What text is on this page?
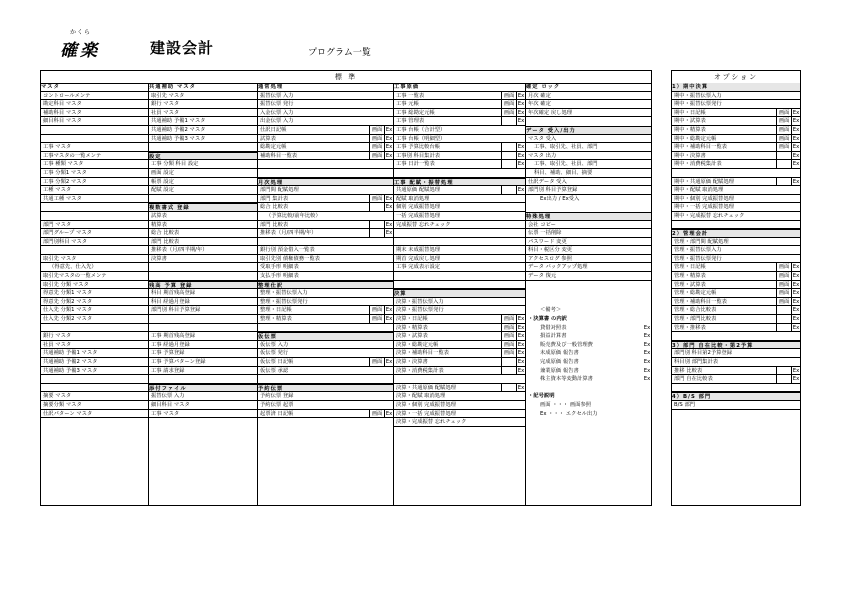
かくら
確楽	建設会計	プログラム一覧
標 準
マスタ
コントロールメンテ
勘定科目 マスタ
補助科目 マスタ
細目科目 マスタ
工事 マスタ
工事マスタの一覧メンテ
工事 種類 マスタ
工事 分類1 マスタ
工事 分類2 マスタ
工種 マスタ
共通工種 マスタ
部門 マスタ
部門グループ マスタ
部門別科目 マスタ
取引先 マスタ
（得意先、仕入先）
取引先マスタの一覧メンテ
取引先 分類 マスタ
得意先 分類1 マスタ
得意先 分類2 マスタ
仕入先 分類1 マスタ
仕入先 分類2 マスタ
銀行 マスタ
社員 マスタ
共通補助 予備1 マスタ
共通補助 予備2 マスタ
共通補助 予備3 マスタ
摘要 マスタ
摘要分類 マスタ
仕訳パターン マスタ
共通補助 マスタ
取引先 マスタ
銀行 マスタ
社員 マスタ
共通補助 予備1 マスタ
共通補助 予備2 マスタ
共通補助 予備3 マスタ
設定
工事 分類 科目 設定
画面 設定
帳票 設定
配賦 設定
複数書式 登録
試算表
精算表
総合 比較表
部門 比較表
推移表（月/四半期/年）
決算書
残高 予算 登録
科目 期首残高登録
科目 経過月登録
部門別 科目予算登録
工事 期首残高登録
工事 経過月登録
工事 予算登録
工事 予算パターン登録
工事 請求登録
添付ファイル
振替伝票 入力
細目科目 マスタ
工事 マスタ
通常処理
振替伝票 入力
振替伝票 発行
入金伝票 入力
出金伝票 入力
仕訳日記帳	画面 Ex
試算表	画面 Ex
総勘定元帳	画面 Ex
補助科目一覧表	画面 Ex
月次処理
部門間 配賦処理
部門 集計表	画面 Ex
総合 比較表	Ex
（予算比較/前年比較）
部門 比較表	Ex
推移表（月/四半期/年）	Ex
銀行別 預金借入一覧表
取引先別 債権債務一覧表
受取手形 明細表
支払手形 明細表
整理仕訳
整理・振替伝票入力
整理・振替伝票発行
整理・日記帳	画面 Ex
整理・精算表	画面 Ex
仮伝票
仮伝票 入力
仮伝票 発行
仮伝票 日記帳	画面 Ex
仮伝票 承認
予約伝票
予約伝票 登録
予約伝票 起票
起票済 日記帳	画面 Ex
工事原価
工事 一覧表	画面 Ex
工事 元帳	画面 Ex
工事 総勘定元帳	画面 Ex
工事 管理表	Ex
工事 台帳（合計型）
工事 台帳（明細型）
工事 予算比較台帳	Ex
工事別 科目集計表	Ex
工事 日計一覧表	Ex
工事 配賦・振替処理
共通原価 配賦処理	Ex
配賦 取消処理
個別 完成振替処理
一括 完成振替処理
完成振替 忘れチェック
期末 未成振替処理
期首 完成戻し処理
工事 完成表示設定
決算
決算・振替伝票入力
決算・振替伝票発行
決算・日記帳	画面 Ex
決算・精算表	画面 Ex
決算・試算表	画面 Ex
決算・総勘定元帳	画面 Ex
決算・補助科目一覧表	画面 Ex
決算・決算書	Ex
決算・消費税集計表	Ex
決算・共通原価 配賦処理	Ex
決算・配賦 取消処理
決算・個別 完成振替処理
決算・一括 完成振替処理
決算・完成振替 忘れチェック
確定 ロック
月次 確定
年次 確定
年次確定 戻し処理
データ 受入/出力
マスタ 受入
工事、取引先、社員、部門
マスタ 出力
工事、取引先、社員、部門
科目、補助、細目、摘要
仕訳データ 受入
部門別 科目予算登録
Ex出力 / Ex受入
特殊処理
会社 コピー
伝票 一括削除
パスワード 変更
科目・税区分 変更
アクセスログ 参照
データ バックアップ処理
データ 復元
＜備考＞
・決算書 の内訳
貸借対照表	Ex
損益計算書	Ex
販売費及び一般管理費	Ex
未成原価 報告書	Ex
完成原価 報告書	Ex
兼業原価 報告書	Ex
株主資本等変動計算書	Ex
・記号説明
画面 ・・・ 画面参照
Ex ・・・ エクセル出力
オプション
1）期中決算
期中・振替伝票入力
期中・振替伝票発行
期中・日記帳	画面 Ex
期中・試算表	画面 Ex
期中・精算表	画面 Ex
期中・総勘定元帳	画面 Ex
期中・補助科目一覧表	画面 Ex
期中・決算書	Ex
期中・消費税集計表	Ex
期中・共通原価 配賦処理	Ex
期中・配賦 取消処理
期中・個別 完成振替処理
期中・一括 完成振替処理
期中・完成振替 忘れチェック
2）管理会計
管理・部門間 配賦処理
管理・振替伝票入力
管理・振替伝票発行
管理・日記帳	画面 Ex
管理・精算表	画面 Ex
管理・試算表	画面 Ex
管理・総勘定元帳	画面 Ex
管理・補助科目一覧表	画面 Ex
管理・総合比較表	Ex
管理・部門比較表	Ex
管理・推移表	Ex
3）部門 自在比較・第2予算
部門別 科目第2予算登録
科目別 部門集計表
推移 比較表	Ex
部門 自在比較表	Ex
4）B/S 部門
B/S 部門
